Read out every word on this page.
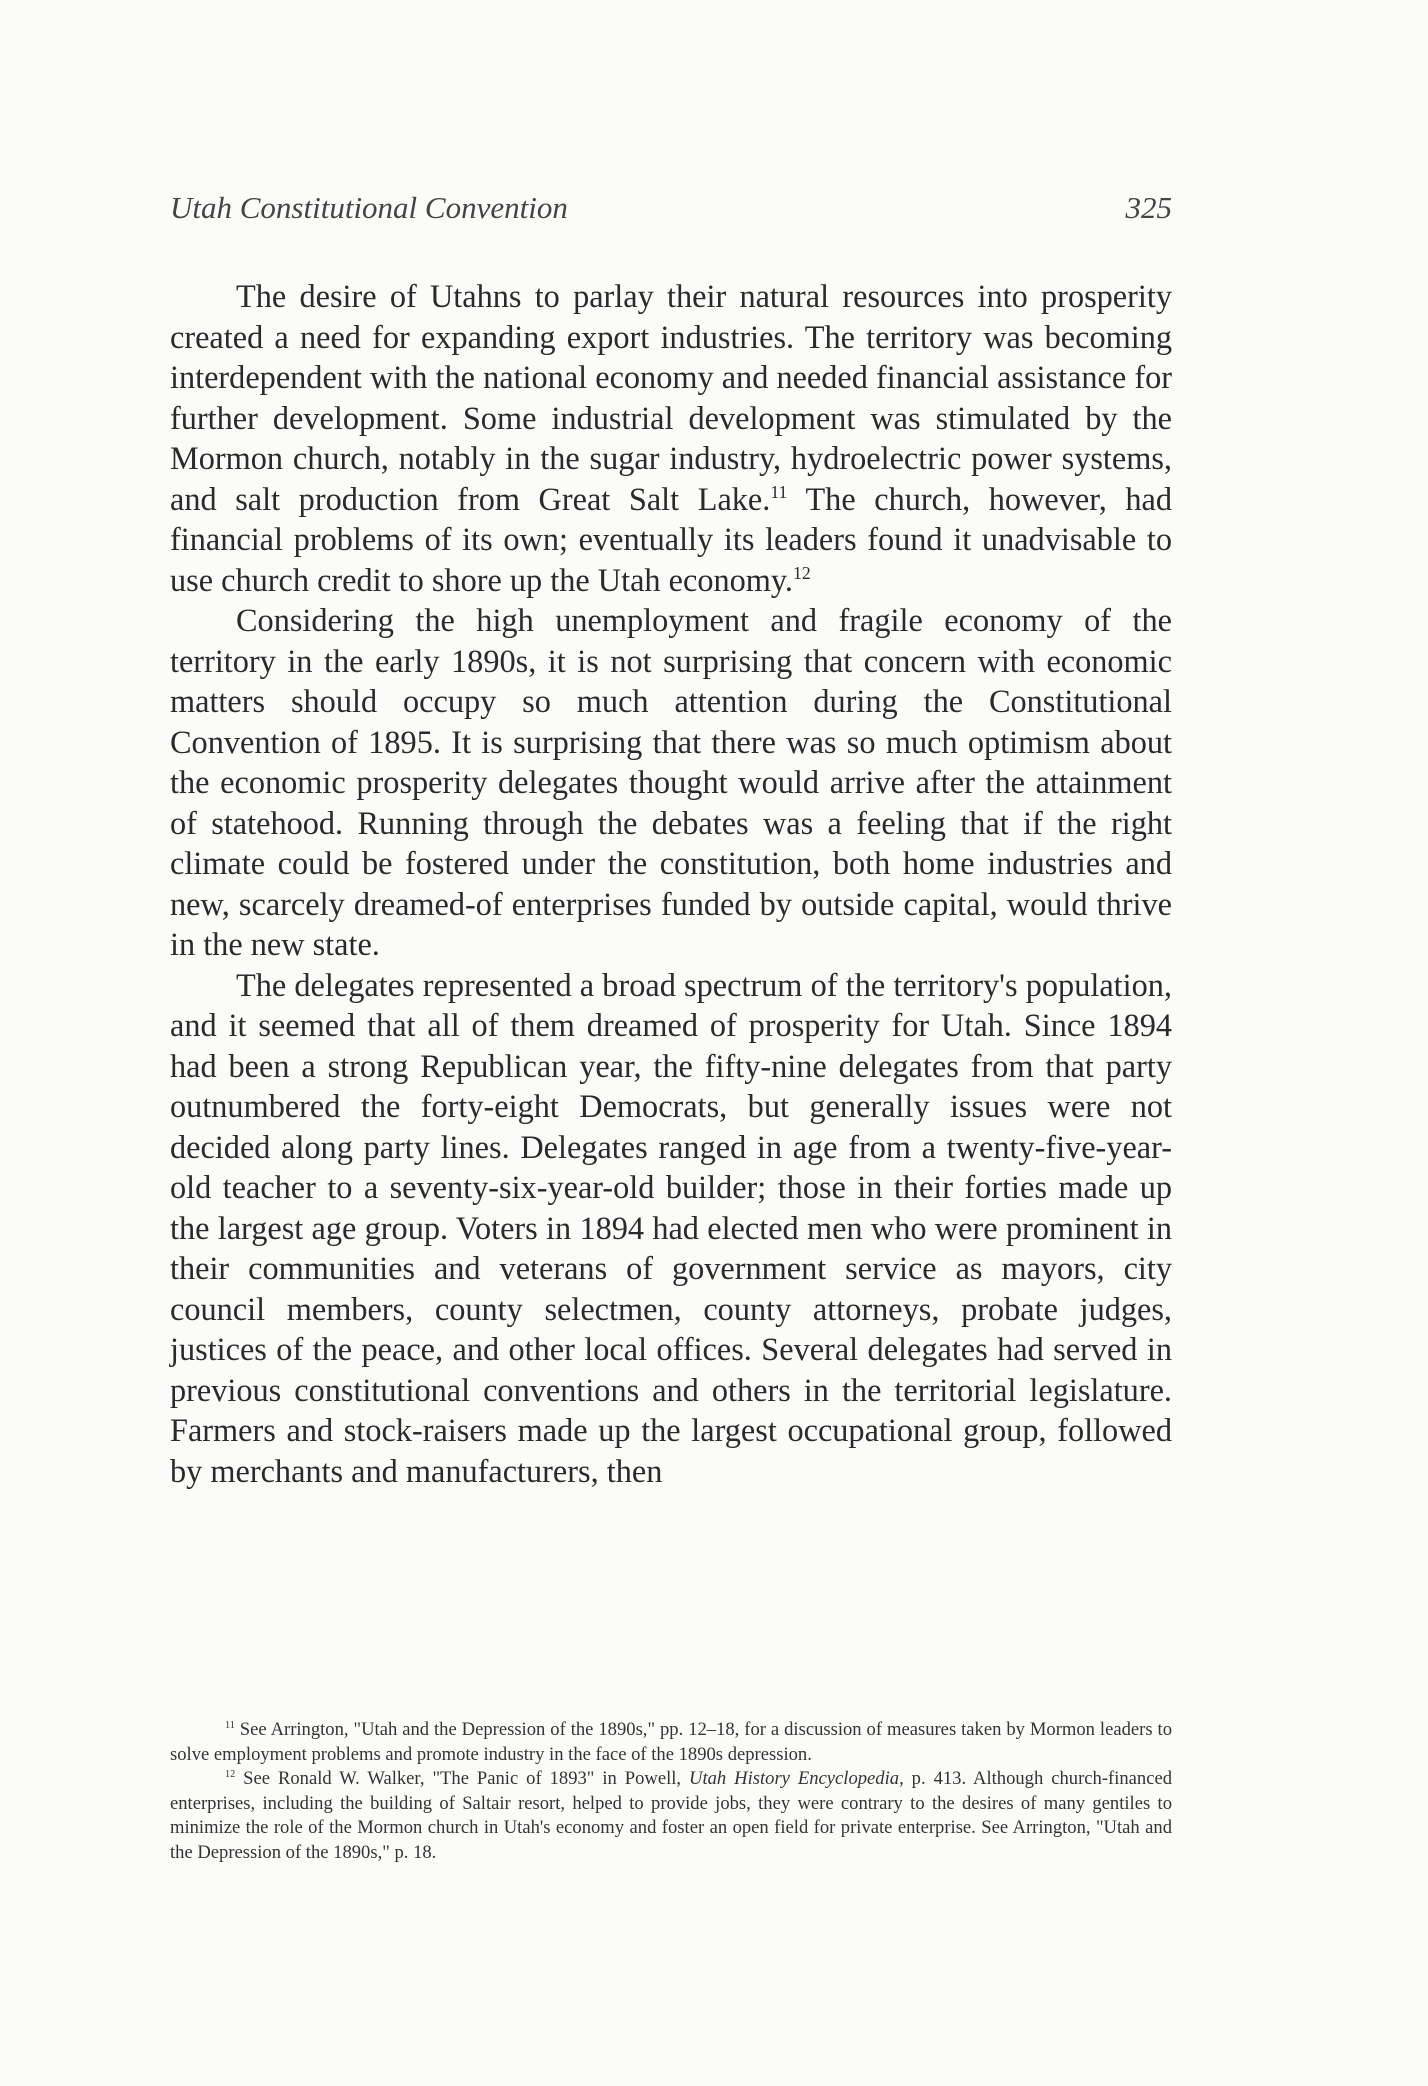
Utah Constitutional Convention	325

The desire of Utahns to parlay their natural resources into prosperity created a need for expanding export industries. The territory was becoming interdependent with the national economy and needed financial assistance for further development. Some industrial development was stimulated by the Mormon church, notably in the sugar industry, hydroelectric power systems, and salt production from Great Salt Lake.$^{11}$ The church, however, had financial problems of its own; eventually its leaders found it unadvisable to use church credit to shore up the Utah economy.$^{12}$

Considering the high unemployment and fragile economy of the territory in the early 1890s, it is not surprising that concern with economic matters should occupy so much attention during the Constitutional Convention of 1895. It is surprising that there was so much optimism about the economic prosperity delegates thought would arrive after the attainment of statehood. Running through the debates was a feeling that if the right climate could be fostered under the constitution, both home industries and new, scarcely dreamed-of enterprises funded by outside capital, would thrive in the new state.

The delegates represented a broad spectrum of the territory's population, and it seemed that all of them dreamed of prosperity for Utah. Since 1894 had been a strong Republican year, the fifty-nine delegates from that party outnumbered the forty-eight Democrats, but generally issues were not decided along party lines. Delegates ranged in age from a twenty-five-year-old teacher to a seventy-six-year-old builder; those in their forties made up the largest age group. Voters in 1894 had elected men who were prominent in their communities and veterans of government service as mayors, city council members, county selectmen, county attorneys, probate judges, justices of the peace, and other local offices. Several delegates had served in previous constitutional conventions and others in the territorial legislature. Farmers and stock-raisers made up the largest occupational group, followed by merchants and manufacturers, then

$^{11}$ See Arrington, "Utah and the Depression of the 1890s," pp. 12–18, for a discussion of measures taken by Mormon leaders to solve employment problems and promote industry in the face of the 1890s depression.

$^{12}$ See Ronald W. Walker, "The Panic of 1893" in Powell, Utah History Encyclopedia, p. 413. Although church-financed enterprises, including the building of Saltair resort, helped to provide jobs, they were contrary to the desires of many gentiles to minimize the role of the Mormon church in Utah's economy and foster an open field for private enterprise. See Arrington, "Utah and the Depression of the 1890s," p. 18.
